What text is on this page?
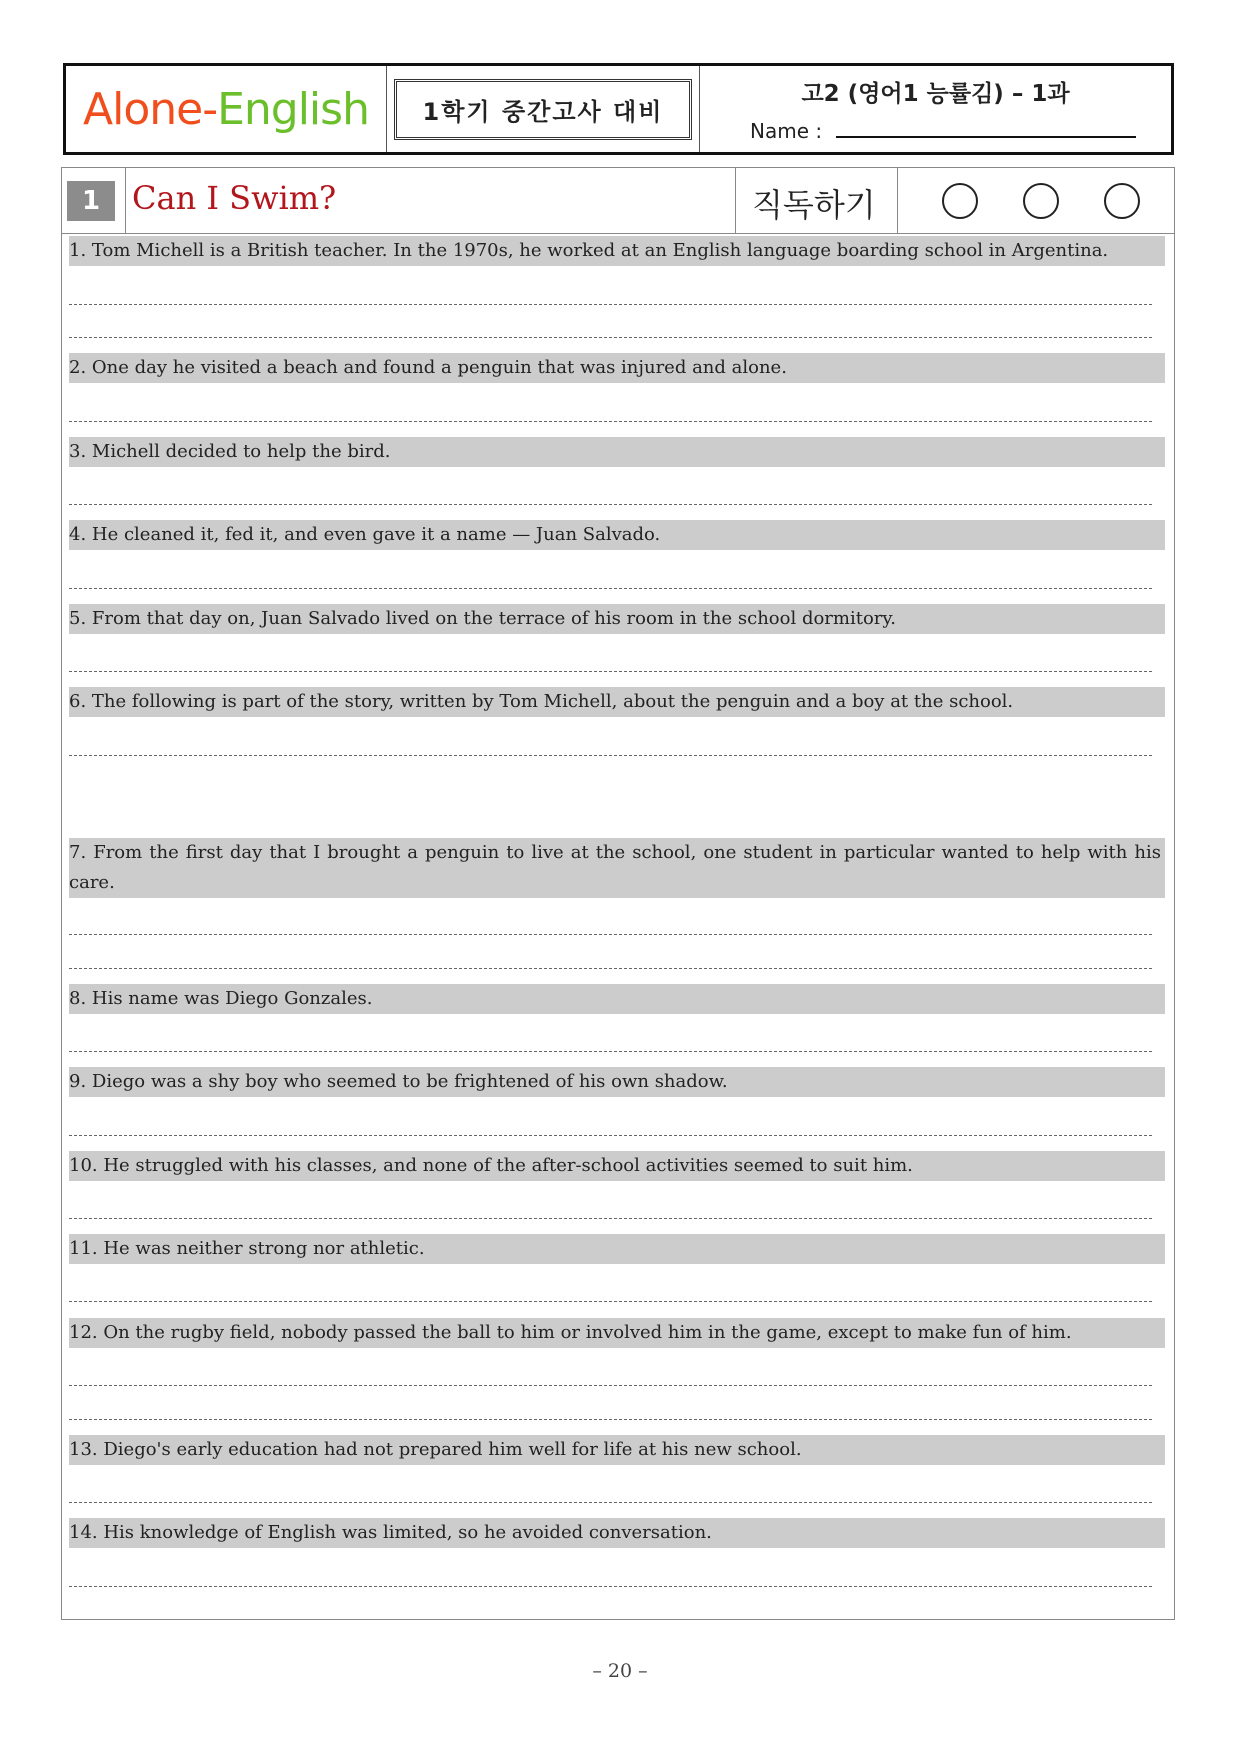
Alone - English	1학기 중간고사 대비
고2 (영어1 능률김) – 1과
Name :
1 Can I Swim?	직독하기
1. Tom Michell is a British teacher. In the 1970s, he worked at an English language boarding school in Argentina.
2. One day he visited a beach and found a penguin that was injured and alone.
3. Michell decided to help the bird.
4. He cleaned it, fed it, and even gave it a name — Juan Salvado.
5. From that day on, Juan Salvado lived on the terrace of his room in the school dormitory.
6. The following is part of the story, written by Tom Michell, about the penguin and a boy at the school.
7. From the first day that I brought a penguin to live at the school, one student in particular wanted to help with his care.
8. His name was Diego Gonzales.
9. Diego was a shy boy who seemed to be frightened of his own shadow.
10. He struggled with his classes, and none of the after-school activities seemed to suit him.
11. He was neither strong nor athletic.
12. On the rugby field, nobody passed the ball to him or involved him in the game, except to make fun of him.
13. Diego's early education had not prepared him well for life at his new school.
14. His knowledge of English was limited, so he avoided conversation.
– 20 –
